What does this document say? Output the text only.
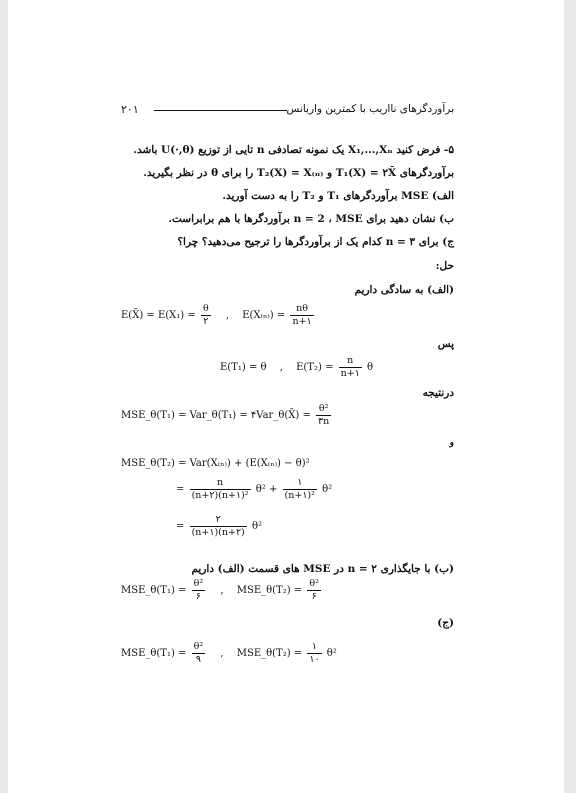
۲۰۱	برآوردگرهای نااریب با کمترین واریانس
۵- فرض کنید X₁,...,Xₙ یک نمونه تصادفی n تایی از توزیع U(·,θ) باشد.
برآوردگرهای T₁(X) = ۲X̄ و T₂(X) = X₍ₙ₎ را برای θ در نظر بگیرید.
الف) MSE برآوردگرهای T₁ و T₂ را به دست آورید.
ب) نشان دهید برای n = 2 ، MSE برآوردگرها با هم برابراست.
ج) برای n = ۳ کدام یک از برآوردگرها را ترجیح می‌دهید؟ چرا؟
حل:
(الف) به سادگی داریم
E(X̄) = $E(X_1) = \frac{\theta}{۲}$ , $E(X_{(n)}) = \frac{n\theta}{n+۱}$
پس
E(T₁) = θ , $E(T_2) = \frac{n}{n+۱}$ θ
درنتیجه
MSE_θ(T₁) = Var_θ(T₁) = ۴Var_θ(X̄) = $\frac{\text{θ²}}{۳n}$
و
MSE_θ(T₂) = Var(X₍ₙ₎) + (E(X₍ₙ₎) − θ)²
= $\frac{n}{\text{(n+۲)(n+۱)²}} \theta^2 + \frac{۱}{\text{(n+۱)²}} \theta^2$
= $\frac{۲}{(n+۱)(n+۲)} \theta^2$
(ب) با جایگذاری n = ۲ در MSE های قسمت (الف) داریم
MSE_θ(T₁) = $\frac{\text{θ²}}{۶}$ , MSE_θ(T₂) = $\frac{\text{θ²}}{۶}$
(ج)
MSE_θ(T₁) = $\frac{\text{θ²}}{۹}$ , MSE_θ(T₂) = $\frac{۱}{۱۰} \theta^2$
